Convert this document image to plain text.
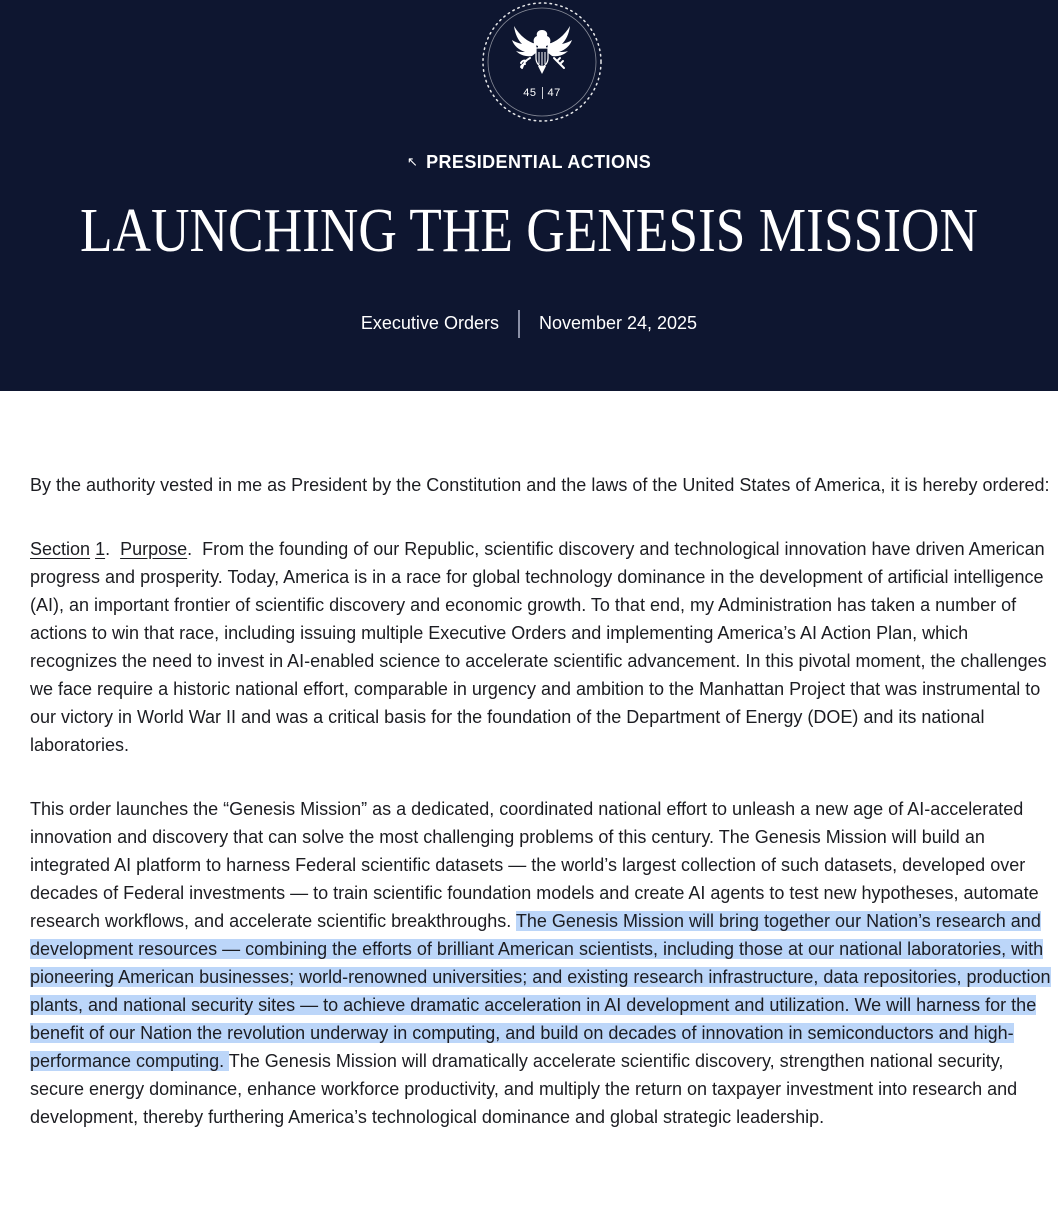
45 47
↖ PRESIDENTIAL ACTIONS
LAUNCHING THE GENESIS MISSION
Executive Orders November 24, 2025

By the authority vested in me as President by the Constitution and the laws of the United States of America, it is hereby ordered:

Section 1.  Purpose.  From the founding of our Republic, scientific discovery and technological innovation have driven American progress and prosperity. Today, America is in a race for global technology dominance in the development of artificial intelligence (AI), an important frontier of scientific discovery and economic growth. To that end, my Administration has taken a number of actions to win that race, including issuing multiple Executive Orders and implementing America’s AI Action Plan, which recognizes the need to invest in AI-enabled science to accelerate scientific advancement. In this pivotal moment, the challenges we face require a historic national effort, comparable in urgency and ambition to the Manhattan Project that was instrumental to our victory in World War II and was a critical basis for the foundation of the Department of Energy (DOE) and its national laboratories.

This order launches the “Genesis Mission” as a dedicated, coordinated national effort to unleash a new age of AI-accelerated innovation and discovery that can solve the most challenging problems of this century. The Genesis Mission will build an integrated AI platform to harness Federal scientific datasets — the world’s largest collection of such datasets, developed over decades of Federal investments — to train scientific foundation models and create AI agents to test new hypotheses, automate research workflows, and accelerate scientific breakthroughs. The Genesis Mission will bring together our Nation’s research and development resources — combining the efforts of brilliant American scientists, including those at our national laboratories, with pioneering American businesses; world-renowned universities; and existing research infrastructure, data repositories, production plants, and national security sites — to achieve dramatic acceleration in AI development and utilization. We will harness for the benefit of our Nation the revolution underway in computing, and build on decades of innovation in semiconductors and high-performance computing. The Genesis Mission will dramatically accelerate scientific discovery, strengthen national security, secure energy dominance, enhance workforce productivity, and multiply the return on taxpayer investment into research and development, thereby furthering America’s technological dominance and global strategic leadership.
